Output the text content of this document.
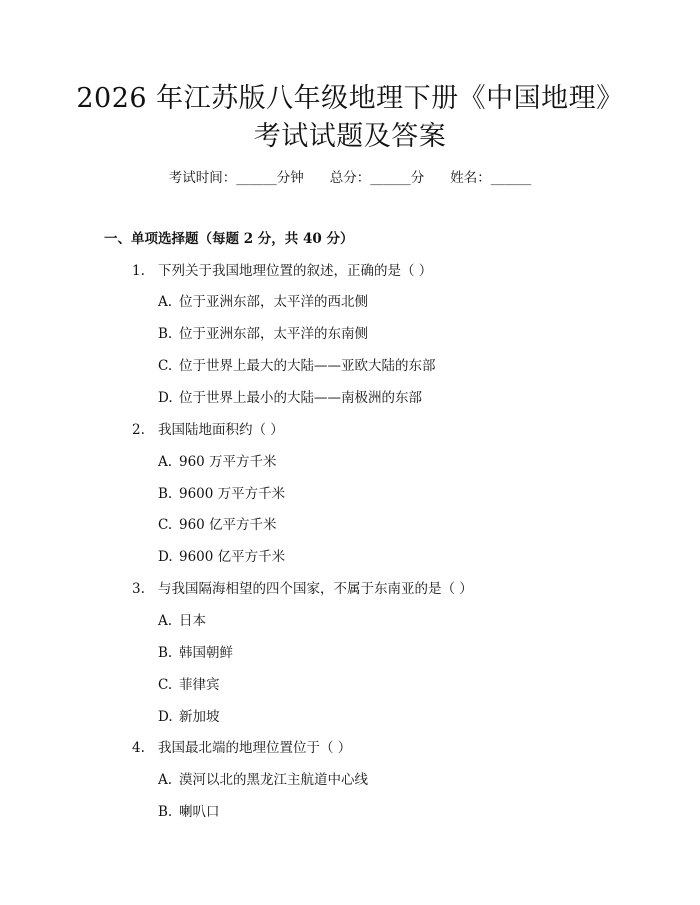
2026 年江苏版八年级地理下册《中国地理》
考试试题及答案
考试时间：______分钟 总分：______分 姓名：______
一、单项选择题（每题 2 分，共 40 分）
1. 下列关于我国地理位置的叙述，正确的是（ ）
A. 位于亚洲东部，太平洋的西北侧
B. 位于亚洲东部，太平洋的东南侧
C. 位于世界上最大的大陆——亚欧大陆的东部
D. 位于世界上最小的大陆——南极洲的东部
2. 我国陆地面积约（ ）
A. 960 万平方千米
B. 9600 万平方千米
C. 960 亿平方千米
D. 9600 亿平方千米
3. 与我国隔海相望的四个国家，不属于东南亚的是（ ）
A. 日本
B. 韩国朝鲜
C. 菲律宾
D. 新加坡
4. 我国最北端的地理位置位于（ ）
A. 漠河以北的黑龙江主航道中心线
B. 喇叭口
